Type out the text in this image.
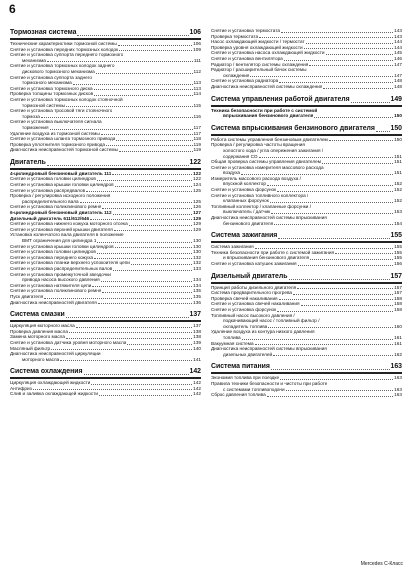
6
Тормозная система	106
Технические характеристики тормозной системы	106
Снятие и установка передних тормозных колодок	109
Снятие и установка суппорта переднего тормозного
механизма	111
Снятие и установка тормозных колодок заднего
дискового тормозного механизма	112
Снятие и установка суппорта заднего
тормозного механизма	113
Снятие и установка тормозного диска	113
Проверка толщины тормозных дисков	114
Снятие и установка тормозных колодок стояночной
тормозной системы	115
Снятие и установка тросовой тяги стояночного
тормоза	116
Снятие и установка выключателя сигнала
торможения	117
Удаление воздуха из тормозной системы	117
Снятие и установка шланга тормозного привода	118
Проверка уплотнителя тормозного привода	119
Диагностика неисправностей тормозной системы	119
Двигатель	122
4-цилиндровый бензиновый двигатель 111	122
Снятие и установка головки цилиндров	122
Снятие и установка крышки головки цилиндров	124
Снятие и установка распредвалов	125
Проверка / регулировка исходного положения
распределительного вала	125
Снятие и установка поликлинового ремня	126
6-цилиндровый бензиновый двигатель 112	127
Дизельный двигатель 611/612/646	129
Снятие и установка нижнего кожуха моторного отсека	129
Снятие и установка верхней крышки двигателя	129
Установка коленчатого вала двигателя в положение
ВМТ ограничения для цилиндра 1	130
Снятие и установка крышки головки цилиндров	130
Снятие и установка головки цилиндров	130
Снятие и установка переднего кожуха	132
Снятие и установка планки верхнего успокоителя цепи	132
Снятие и установка распределительных валов	133
Снятие и установка промежуточной звездочки
привода насоса высокого давления	134
Снятие и установка натяжителя цепи	134
Снятие и установка поликлинового ремня	135
Пуск двигателя	135
Диагностика неисправностей двигателя	136
Система смазки	137
Циркуляция моторного масла	137
Проверка давления масла	138
Замена моторного масла	138
Снятие и установка датчика уровня моторного масла	139
Масляный фильтр	140
Диагностика неисправностей циркуляции
моторного масла	141
Система охлаждения	142
Циркуляция охлаждающей жидкости	142
Антифриз	142
Слив и заливка охлаждающей жидкости	142
Снятие и установка термостата	143
Проверка термостата	143
Насос охлаждающей жидкости / термостат	144
Проверка уровня охлаждающей жидкости	144
Снятие и установка насоса охлаждающей жидкости	145
Снятие и установка вентилятора	146
Радиатор / вентилятор системы охлаждения	147
Радиатор / расширительный бачок системы
охлаждения	147
Снятие и установка радиатора	148
Диагностика неисправностей системы охлаждения	148
Система управления работой двигателя	149
Техника безопасности при работе с системой
впрыскивания бензинового двигателя	150
Система впрыскивания бензинового двигателя 150
Работа системы управления бензиновым двигателем	150
Проверка / регулировка частоты вращения
холостого хода / угла опережения зажигания /
содержания СО	151
Общая проверка системы управления двигателем	151
Снятие и установка измерителя массового расхода
воздуха	151
Измеритель массового расхода воздуха /
впускной коллектор	152
Снятие и установка форсунок	152
Снятие и установка топливного коллектора /
клапанных форсунок	152
Топливный коллектор / клапанные форсунки /
выключатель / датчик	153
Диагностика неисправностей системы впрыскивания
бензинового двигателя	154
Система зажигания	155
Система зажигания	155
Техника безопасности при работе с системой зажигания	155
и впрыскивания бензинового двигателя	155
Снятие и установка катушек зажигания	156
Дизельный двигатель	157
Принцип работы дизельного двигателя	157
Система предварительного прогрева	157
Проверка свечей накаливания	158
Снятие и установка свечей накаливания	158
Снятие и установка форсунок	158
Топливный насос высокого давления /
подкачивающий насос / топливный фильтр /
охладитель топлива	160
Удаление воздуха из контура низкого давления
топлива	161
Вакуумная система	161
Диагностика неисправностей системы впрыскивания
дизельных двигателей	162
Система питания	163
Экономия топлива при поездке	163
Правила техники безопасности и чистоты при работе
с системами топливоподачи	163
Сброс давления топлива	163
Mercedes C-Класс
